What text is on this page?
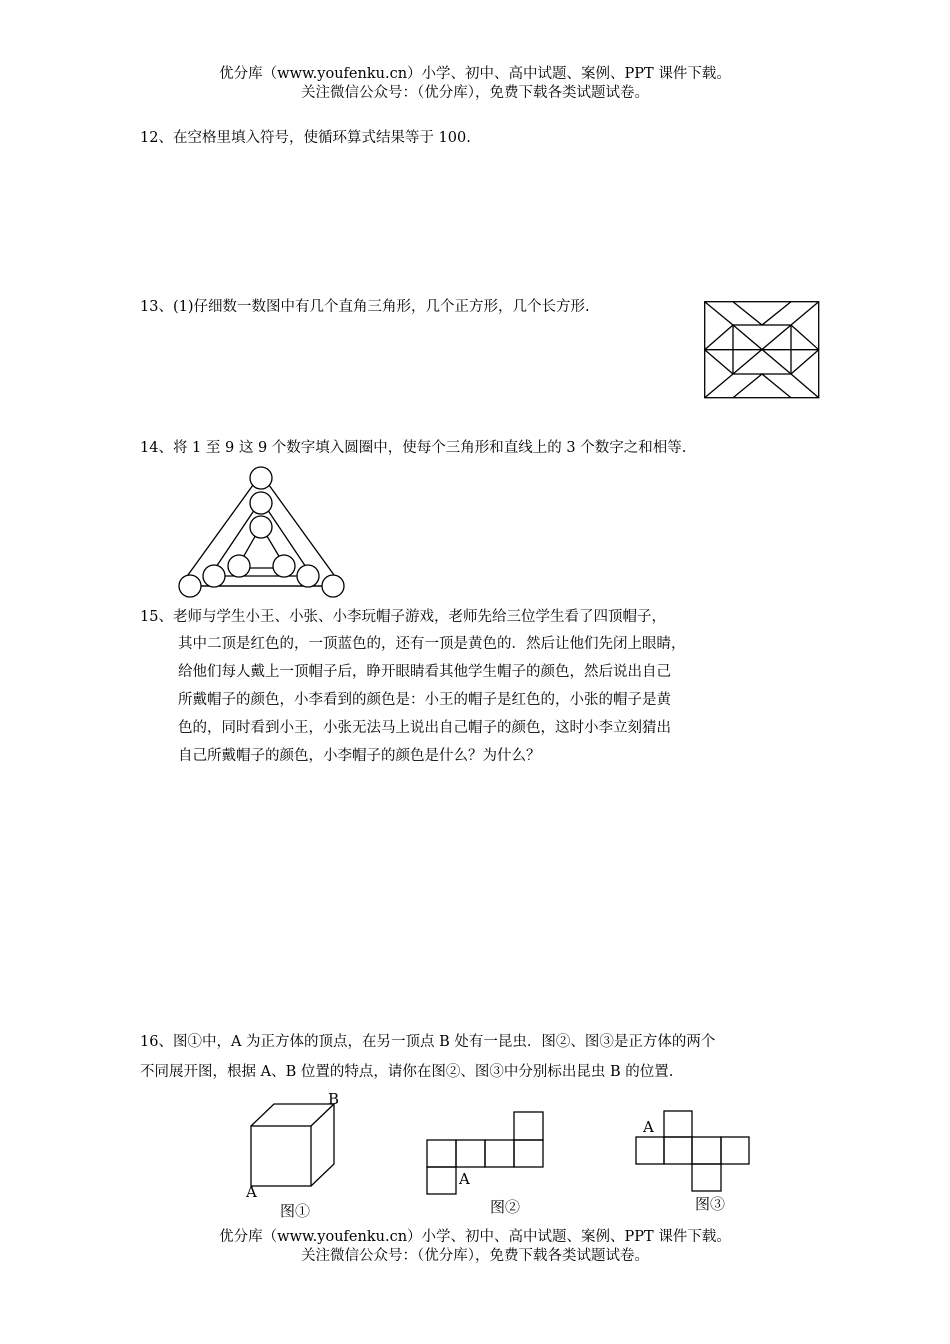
优分库（www.youfenku.cn）小学、初中、高中试题、案例、PPT 课件下载。
关注微信公众号：（优分库），免费下载各类试题试卷。
12、在空格里填入符号，使循环算式结果等于 100.
13、(1)仔细数一数图中有几个直角三角形，几个正方形，几个长方形.
14、将 1 至 9 这 9 个数字填入圆圈中，使每个三角形和直线上的 3 个数字之和相等.
15、老师与学生小王、小张、小李玩帽子游戏，老师先给三位学生看了四顶帽子，
其中二顶是红色的，一顶蓝色的，还有一顶是黄色的．然后让他们先闭上眼睛，
给他们每人戴上一顶帽子后，睁开眼睛看其他学生帽子的颜色，然后说出自己
所戴帽子的颜色，小李看到的颜色是：小王的帽子是红色的，小张的帽子是黄
色的，同时看到小王，小张无法马上说出自己帽子的颜色，这时小李立刻猜出
自己所戴帽子的颜色，小李帽子的颜色是什么？为什么？
16、图①中，A 为正方体的顶点，在另一顶点 B 处有一昆虫．图②、图③是正方体的两个
不同展开图，根据 A、B 位置的特点，请你在图②、图③中分别标出昆虫 B 的位置.
B
A
图①
A
图②
A
图③
优分库（www.youfenku.cn）小学、初中、高中试题、案例、PPT 课件下载。
关注微信公众号：（优分库），免费下载各类试题试卷。
